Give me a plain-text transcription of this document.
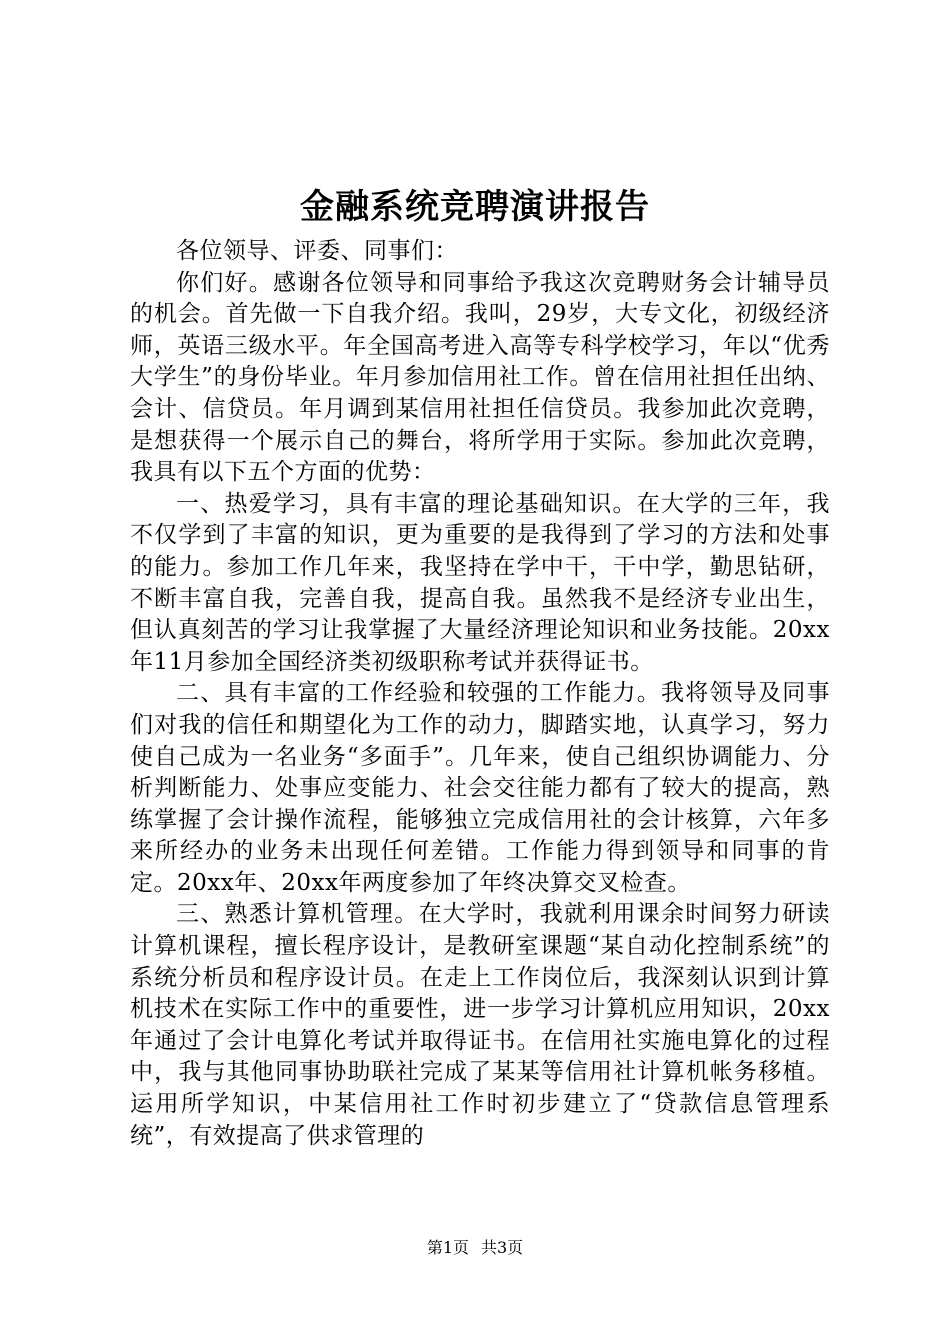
金融系统竞聘演讲报告

各位领导、评委、同事们：

你们好。感谢各位领导和同事给予我这次竞聘财务会计辅导员的机会。首先做一下自我介绍。我叫，29岁，大专文化，初级经济师，英语三级水平。年全国高考进入高等专科学校学习，年以“优秀大学生”的身份毕业。年月参加信用社工作。曾在信用社担任出纳、会计、信贷员。年月调到某信用社担任信贷员。我参加此次竞聘，是想获得一个展示自己的舞台，将所学用于实际。参加此次竞聘，我具有以下五个方面的优势：

一、热爱学习，具有丰富的理论基础知识。在大学的三年，我不仅学到了丰富的知识，更为重要的是我得到了学习的方法和处事的能力。参加工作几年来，我坚持在学中干，干中学，勤思钻研，不断丰富自我，完善自我，提高自我。虽然我不是经济专业出生，但认真刻苦的学习让我掌握了大量经济理论知识和业务技能。20xx年11月参加全国经济类初级职称考试并获得证书。

二、具有丰富的工作经验和较强的工作能力。我将领导及同事们对我的信任和期望化为工作的动力，脚踏实地，认真学习，努力使自己成为一名业务“多面手”。几年来，使自己组织协调能力、分析判断能力、处事应变能力、社会交往能力都有了较大的提高，熟练掌握了会计操作流程，能够独立完成信用社的会计核算，六年多来所经办的业务未出现任何差错。工作能力得到领导和同事的肯定。20xx年、20xx年两度参加了年终决算交叉检查。

三、熟悉计算机管理。在大学时，我就利用课余时间努力研读计算机课程，擅长程序设计，是教研室课题“某自动化控制系统”的系统分析员和程序设计员。在走上工作岗位后，我深刻认识到计算机技术在实际工作中的重要性，进一步学习计算机应用知识，20xx年通过了会计电算化考试并取得证书。在信用社实施电算化的过程中，我与其他同事协助联社完成了某某等信用社计算机帐务移植。运用所学知识，中某信用社工作时初步建立了“贷款信息管理系统”，有效提高了供求管理的

第1页 共3页
